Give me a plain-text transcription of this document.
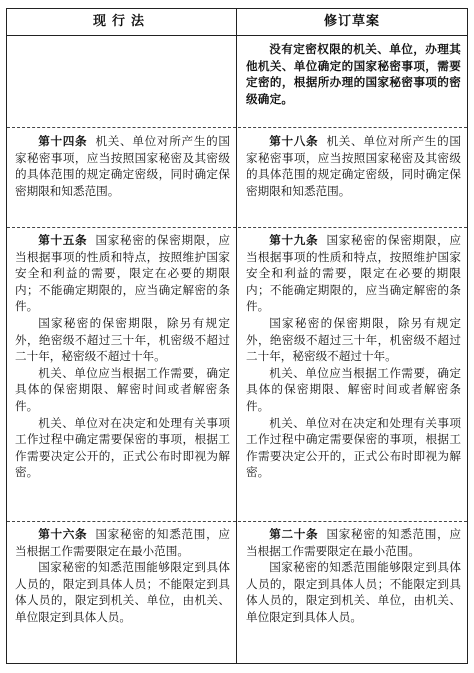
现行法	修订草案

没有定密权限的机关、单位，办理其他机关、单位确定的国家秘密事项，需要定密的，根据所办理的国家秘密事项的密级确定。

第十四条 机关、单位对所产生的国家秘密事项，应当按照国家秘密及其密级的具体范围的规定确定密级，同时确定保密期限和知悉范围。

第十八条 机关、单位对所产生的国家秘密事项，应当按照国家秘密及其密级的具体范围的规定确定密级，同时确定保密期限和知悉范围。

第十五条 国家秘密的保密期限，应当根据事项的性质和特点，按照维护国家安全和利益的需要，限定在必要的期限内；不能确定期限的，应当确定解密的条件。

国家秘密的保密期限，除另有规定外，绝密级不超过三十年，机密级不超过二十年，秘密级不超过十年。

机关、单位应当根据工作需要，确定具体的保密期限、解密时间或者解密条件。

机关、单位对在决定和处理有关事项工作过程中确定需要保密的事项，根据工作需要决定公开的，正式公布时即视为解密。

第十九条 国家秘密的保密期限，应当根据事项的性质和特点，按照维护国家安全和利益的需要，限定在必要的期限内；不能确定期限的，应当确定解密的条件。

国家秘密的保密期限，除另有规定外，绝密级不超过三十年，机密级不超过二十年，秘密级不超过十年。

机关、单位应当根据工作需要，确定具体的保密期限、解密时间或者解密条件。

机关、单位对在决定和处理有关事项工作过程中确定需要保密的事项，根据工作需要决定公开的，正式公布时即视为解密。

第十六条 国家秘密的知悉范围，应当根据工作需要限定在最小范围。

国家秘密的知悉范围能够限定到具体人员的，限定到具体人员；不能限定到具体人员的，限定到机关、单位，由机关、单位限定到具体人员。

第二十条 国家秘密的知悉范围，应当根据工作需要限定在最小范围。

国家秘密的知悉范围能够限定到具体人员的，限定到具体人员；不能限定到具体人员的，限定到机关、单位，由机关、单位限定到具体人员。
